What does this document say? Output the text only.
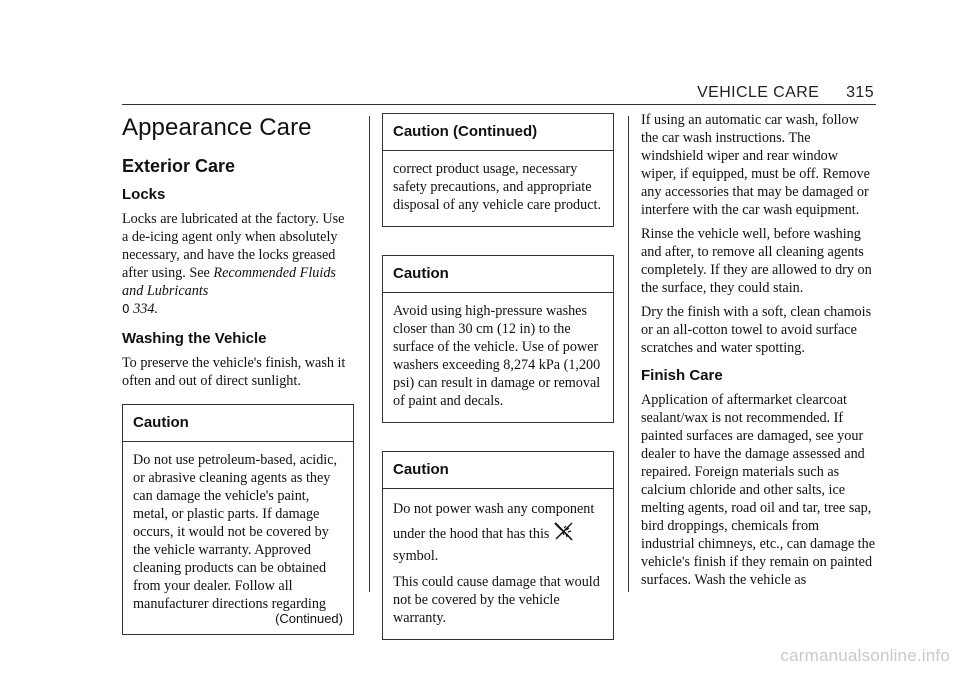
VEHICLE CARE 315
Appearance Care
Exterior Care
Locks

Locks are lubricated at the factory. Use a de-icing agent only when absolutely necessary, and have the locks greased after using. See Recommended Fluids and Lubricants
0 334.

Washing the Vehicle

To preserve the vehicle's finish, wash it often and out of direct sunlight.

Caution

Do not use petroleum-based, acidic, or abrasive cleaning agents as they can damage the vehicle's paint, metal, or plastic parts. If damage occurs, it would not be covered by the vehicle warranty. Approved cleaning products can be obtained from your dealer. Follow all manufacturer directions regarding

(Continued)
Caution (Continued)

correct product usage, necessary safety precautions, and appropriate disposal of any vehicle care product.

Caution

Avoid using high-pressure washes closer than 30 cm (12 in) to the surface of the vehicle. Use of power washers exceeding 8,274 kPa (1,200 psi) can result in damage or removal of paint and decals.

Caution

Do not power wash any component under the hood that has this
symbol.

This could cause damage that would not be covered by the vehicle warranty.

If using an automatic car wash, follow the car wash instructions. The windshield wiper and rear window wiper, if equipped, must be off. Remove any accessories that may be damaged or interfere with the car wash equipment.

Rinse the vehicle well, before washing and after, to remove all cleaning agents completely. If they are allowed to dry on the surface, they could stain.

Dry the finish with a soft, clean chamois or an all-cotton towel to avoid surface scratches and water spotting.

Finish Care

Application of aftermarket clearcoat sealant/wax is not recommended. If painted surfaces are damaged, see your dealer to have the damage assessed and repaired. Foreign materials such as calcium chloride and other salts, ice melting agents, road oil and tar, tree sap, bird droppings, chemicals from industrial chimneys, etc., can damage the vehicle's finish if they remain on painted surfaces. Wash the vehicle as

carmanualsonline.info
